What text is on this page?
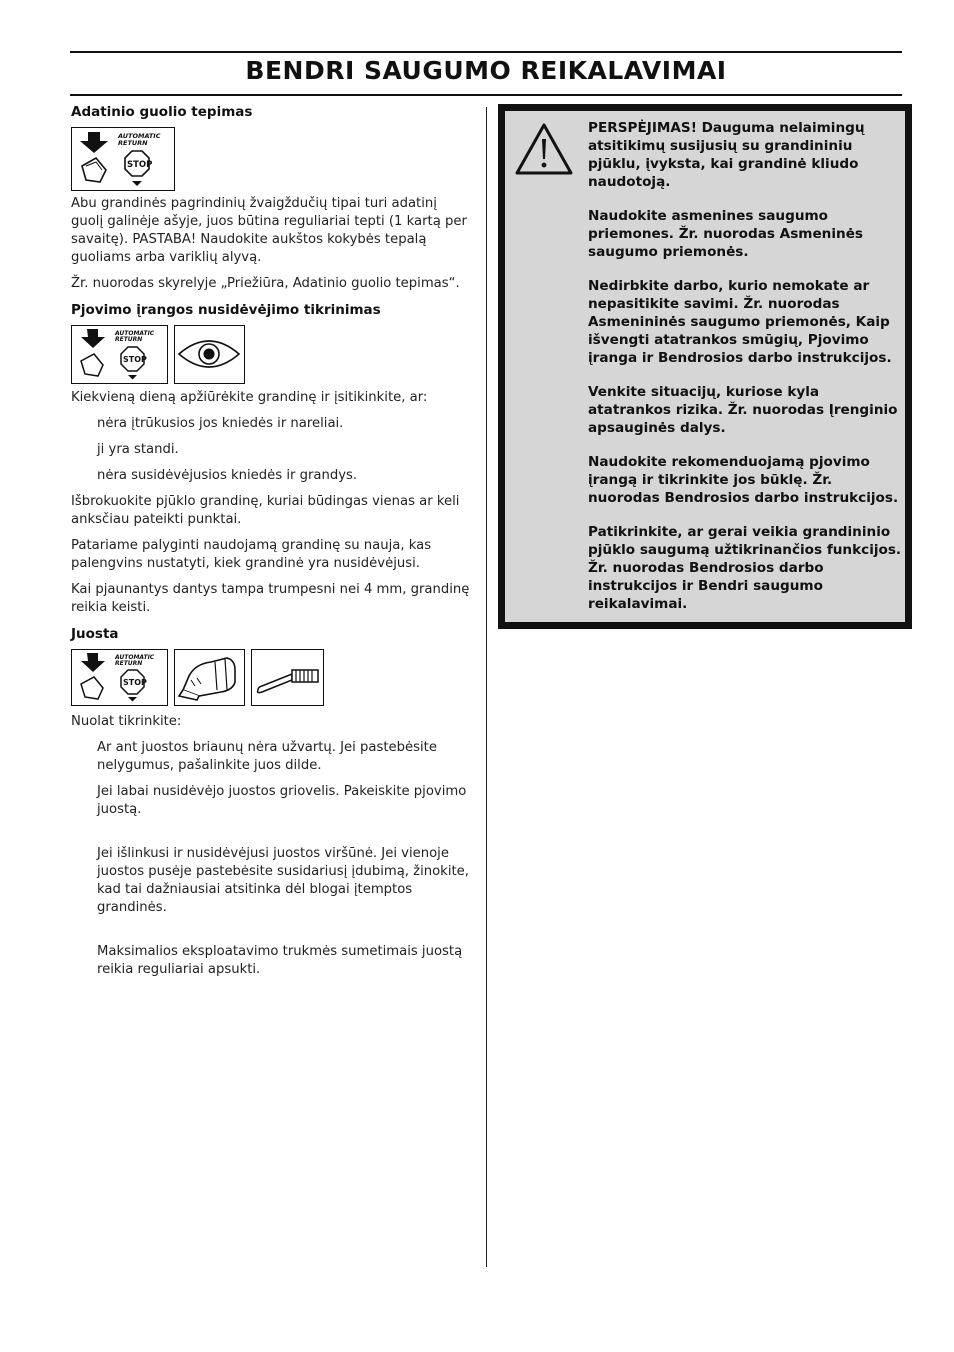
BENDRI SAUGUMO REIKALAVIMAI
Adatinio guolio tepimas
AUTOMATIC
RETURN
STOP

Abu grandinės pagrindinių žvaigždučių tipai turi adatinį guolį galinėje ašyje, juos būtina reguliariai tepti (1 kartą per savaitę). PASTABA! Naudokite aukštos kokybės tepalą guoliams arba variklių alyvą.

Žr. nuorodas skyrelyje „Priežiūra, Adatinio guolio tepimas“.

Pjovimo įrangos nusidėvėjimo tikrinimas
AUTOMATIC
RETURN
STOP

Kiekvieną dieną apžiūrėkite grandinę ir įsitikinkite, ar:

nėra įtrūkusios jos kniedės ir nareliai.

ji yra standi.

nėra susidėvėjusios kniedės ir grandys.

Išbrokuokite pjūklo grandinę, kuriai būdingas vienas ar keli anksčiau pateikti punktai.

Patariame palyginti naudojamą grandinę su nauja, kas palengvins nustatyti, kiek grandinė yra nusidėvėjusi.

Kai pjaunantys dantys tampa trumpesni nei 4 mm, grandinę reikia keisti.

Juosta
AUTOMATIC
RETURN
STOP

Nuolat tikrinkite:

Ar ant juostos briaunų nėra užvartų. Jei pastebėsite nelygumus, pašalinkite juos dilde.

Jei labai nusidėvėjo juostos griovelis. Pakeiskite pjovimo juostą.

Jei išlinkusi ir nusidėvėjusi juostos viršūnė. Jei vienoje juostos pusėje pastebėsite susidariusį įdubimą, žinokite, kad tai dažniausiai atsitinka dėl blogai įtemptos grandinės.

Maksimalios eksploatavimo trukmės sumetimais juostą reikia reguliariai apsukti.

PERSPĖJIMAS! Dauguma nelaimingų atsitikimų susijusių su grandininiu pjūklu, įvyksta, kai grandinė kliudo naudotoją.

Naudokite asmenines saugumo priemones. Žr. nuorodas Asmeninės saugumo priemonės.

Nedirbkite darbo, kurio nemokate ar nepasitikite savimi. Žr. nuorodas Asmenininės saugumo priemonės, Kaip išvengti atatrankos smūgių, Pjovimo įranga ir Bendrosios darbo instrukcijos.

Venkite situacijų, kuriose kyla atatrankos rizika. Žr. nuorodas Įrenginio apsauginės dalys.

Naudokite rekomenduojamą pjovimo įrangą ir tikrinkite jos būklę. Žr. nuorodas Bendrosios darbo instrukcijos.

Patikrinkite, ar gerai veikia grandininio pjūklo saugumą užtikrinančios funkcijos. Žr. nuorodas Bendrosios darbo instrukcijos ir Bendri saugumo reikalavimai.
